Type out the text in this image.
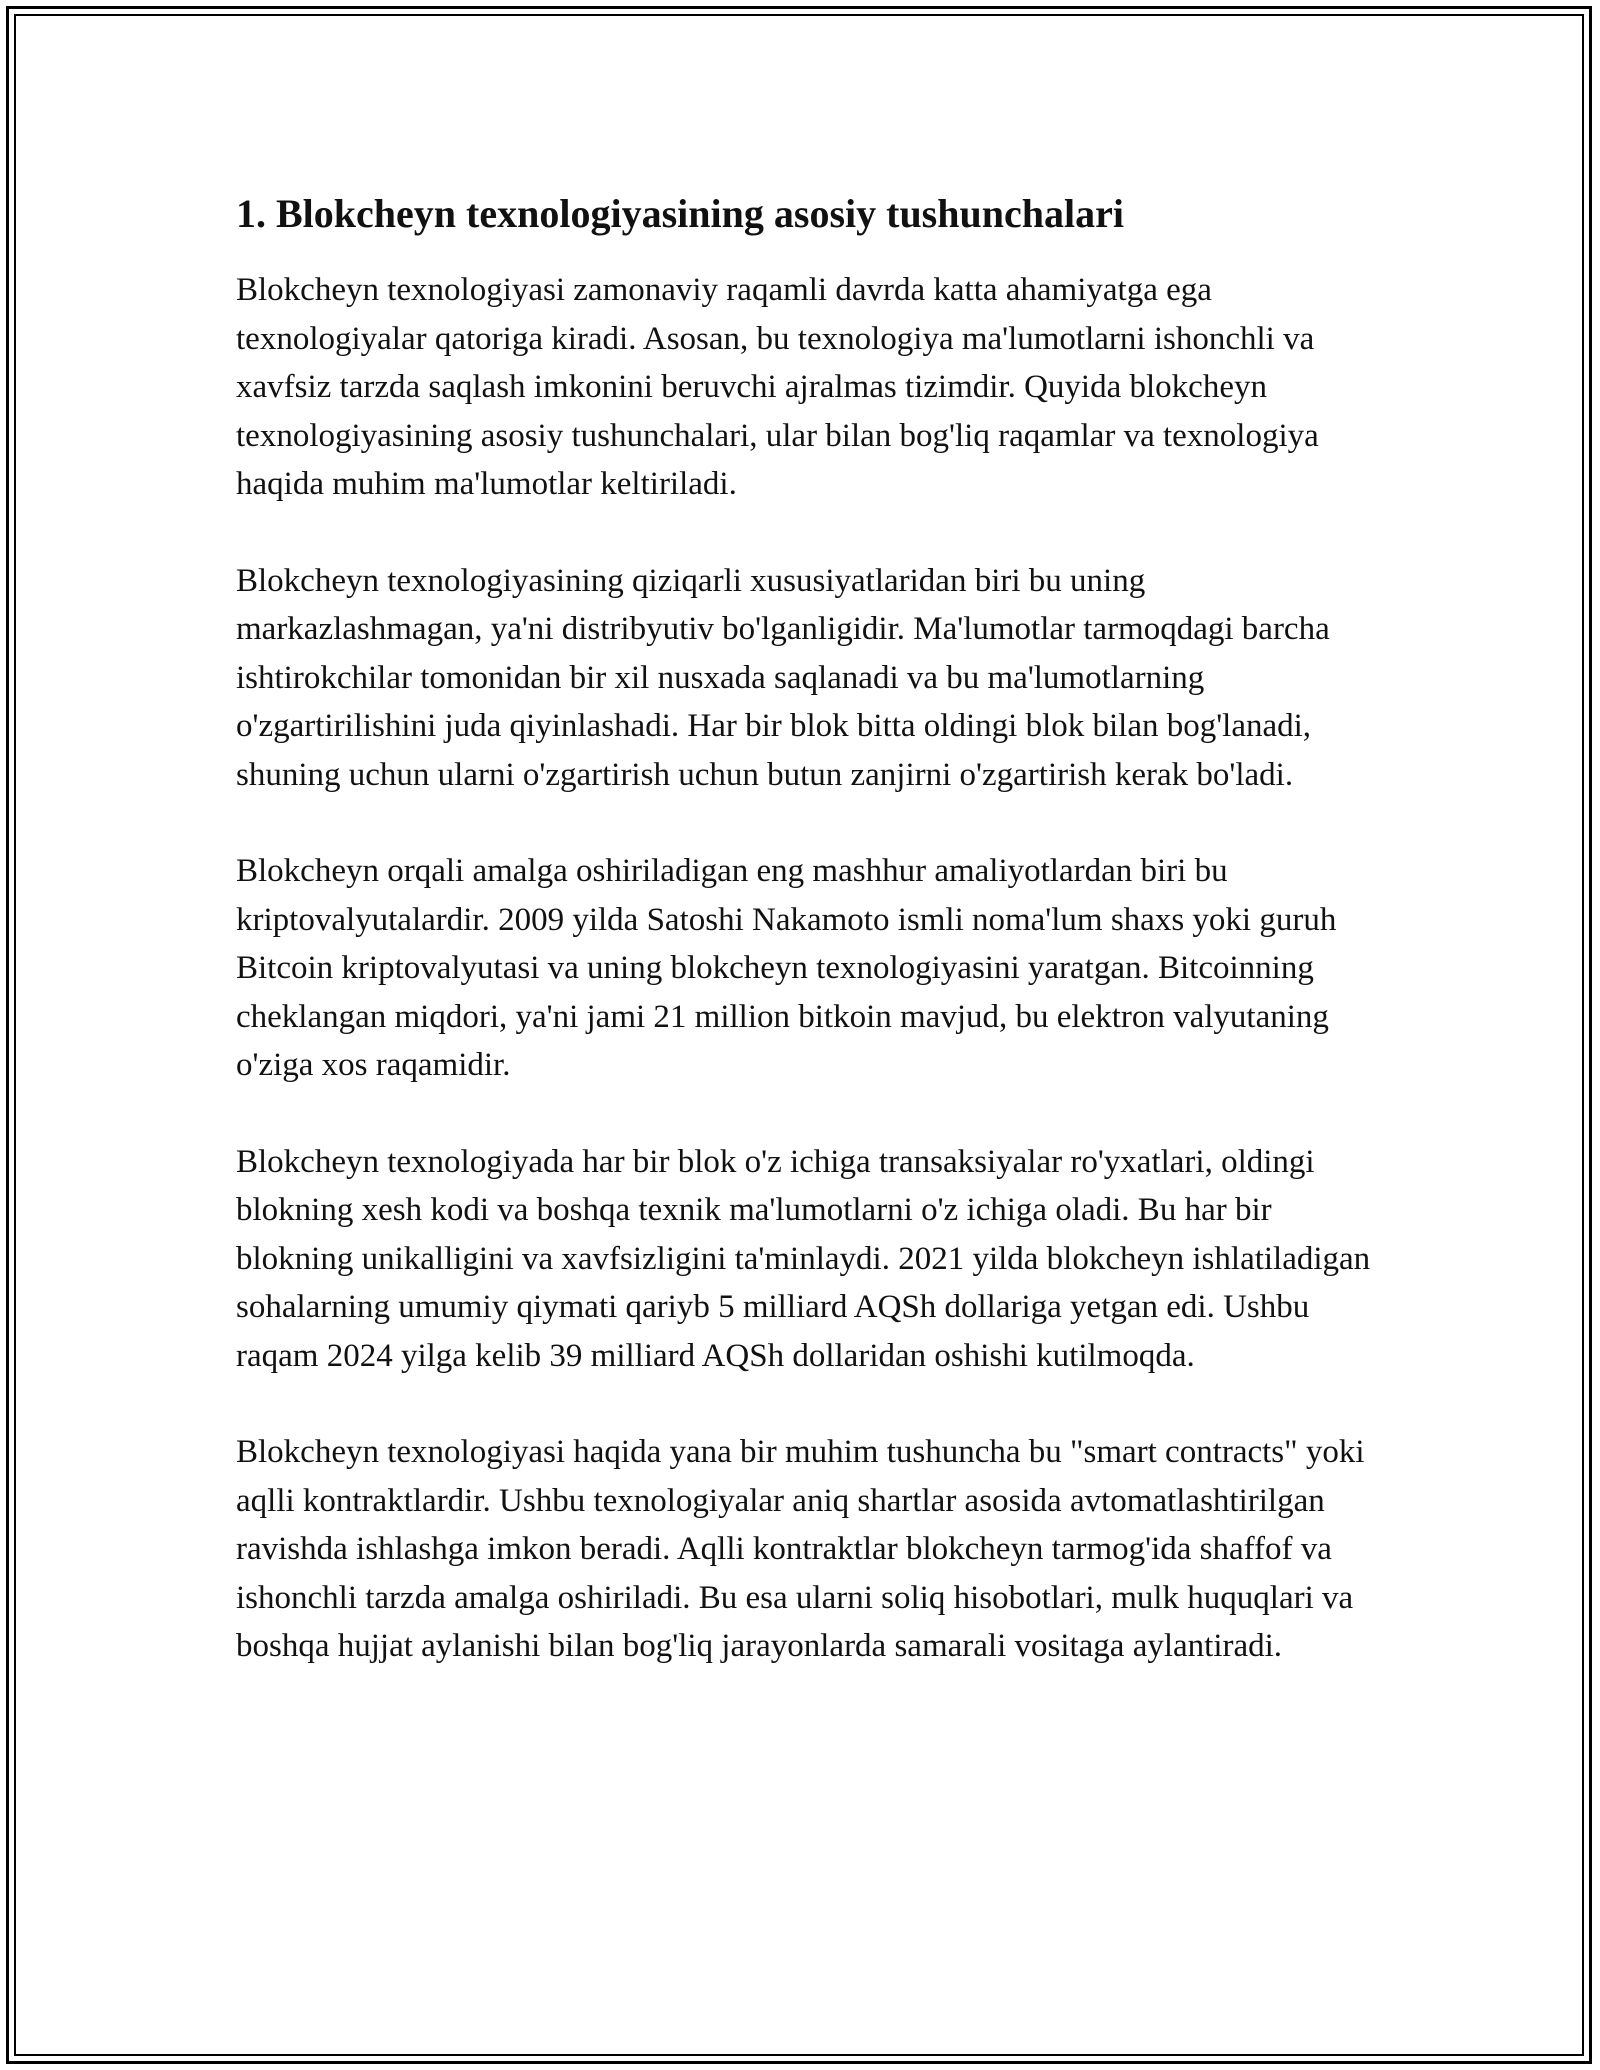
1. Blokcheyn texnologiyasining asosiy tushunchalari

Blokcheyn texnologiyasi zamonaviy raqamli davrda katta ahamiyatga ega texnologiyalar qatoriga kiradi. Asosan, bu texnologiya ma'lumotlarni ishonchli va xavfsiz tarzda saqlash imkonini beruvchi ajralmas tizimdir. Quyida blokcheyn texnologiyasining asosiy tushunchalari, ular bilan bog'liq raqamlar va texnologiya haqida muhim ma'lumotlar keltiriladi.

Blokcheyn texnologiyasining qiziqarli xususiyatlaridan biri bu uning markazlashmagan, ya'ni distribyutiv bo'lganligidir. Ma'lumotlar tarmoqdagi barcha ishtirokchilar tomonidan bir xil nusxada saqlanadi va bu ma'lumotlarning o'zgartirilishini juda qiyinlashadi. Har bir blok bitta oldingi blok bilan bog'lanadi, shuning uchun ularni o'zgartirish uchun butun zanjirni o'zgartirish kerak bo'ladi.

Blokcheyn orqali amalga oshiriladigan eng mashhur amaliyotlardan biri bu kriptovalyutalardir. 2009 yilda Satoshi Nakamoto ismli noma'lum shaxs yoki guruh Bitcoin kriptovalyutasi va uning blokcheyn texnologiyasini yaratgan. Bitcoinning cheklangan miqdori, ya'ni jami 21 million bitkoin mavjud, bu elektron valyutaning o'ziga xos raqamidir.

Blokcheyn texnologiyada har bir blok o'z ichiga transaksiyalar ro'yxatlari, oldingi blokning xesh kodi va boshqa texnik ma'lumotlarni o'z ichiga oladi. Bu har bir blokning unikalligini va xavfsizligini ta'minlaydi. 2021 yilda blokcheyn ishlatiladigan sohalarning umumiy qiymati qariyb 5 milliard AQSh dollariga yetgan edi. Ushbu raqam 2024 yilga kelib 39 milliard AQSh dollaridan oshishi kutilmoqda.

Blokcheyn texnologiyasi haqida yana bir muhim tushuncha bu "smart contracts" yoki aqlli kontraktlardir. Ushbu texnologiyalar aniq shartlar asosida avtomatlashtirilgan ravishda ishlashga imkon beradi. Aqlli kontraktlar blokcheyn tarmog'ida shaffof va ishonchli tarzda amalga oshiriladi. Bu esa ularni soliq hisobotlari, mulk huquqlari va boshqa hujjat aylanishi bilan bog'liq jarayonlarda samarali vositaga aylantiradi.
